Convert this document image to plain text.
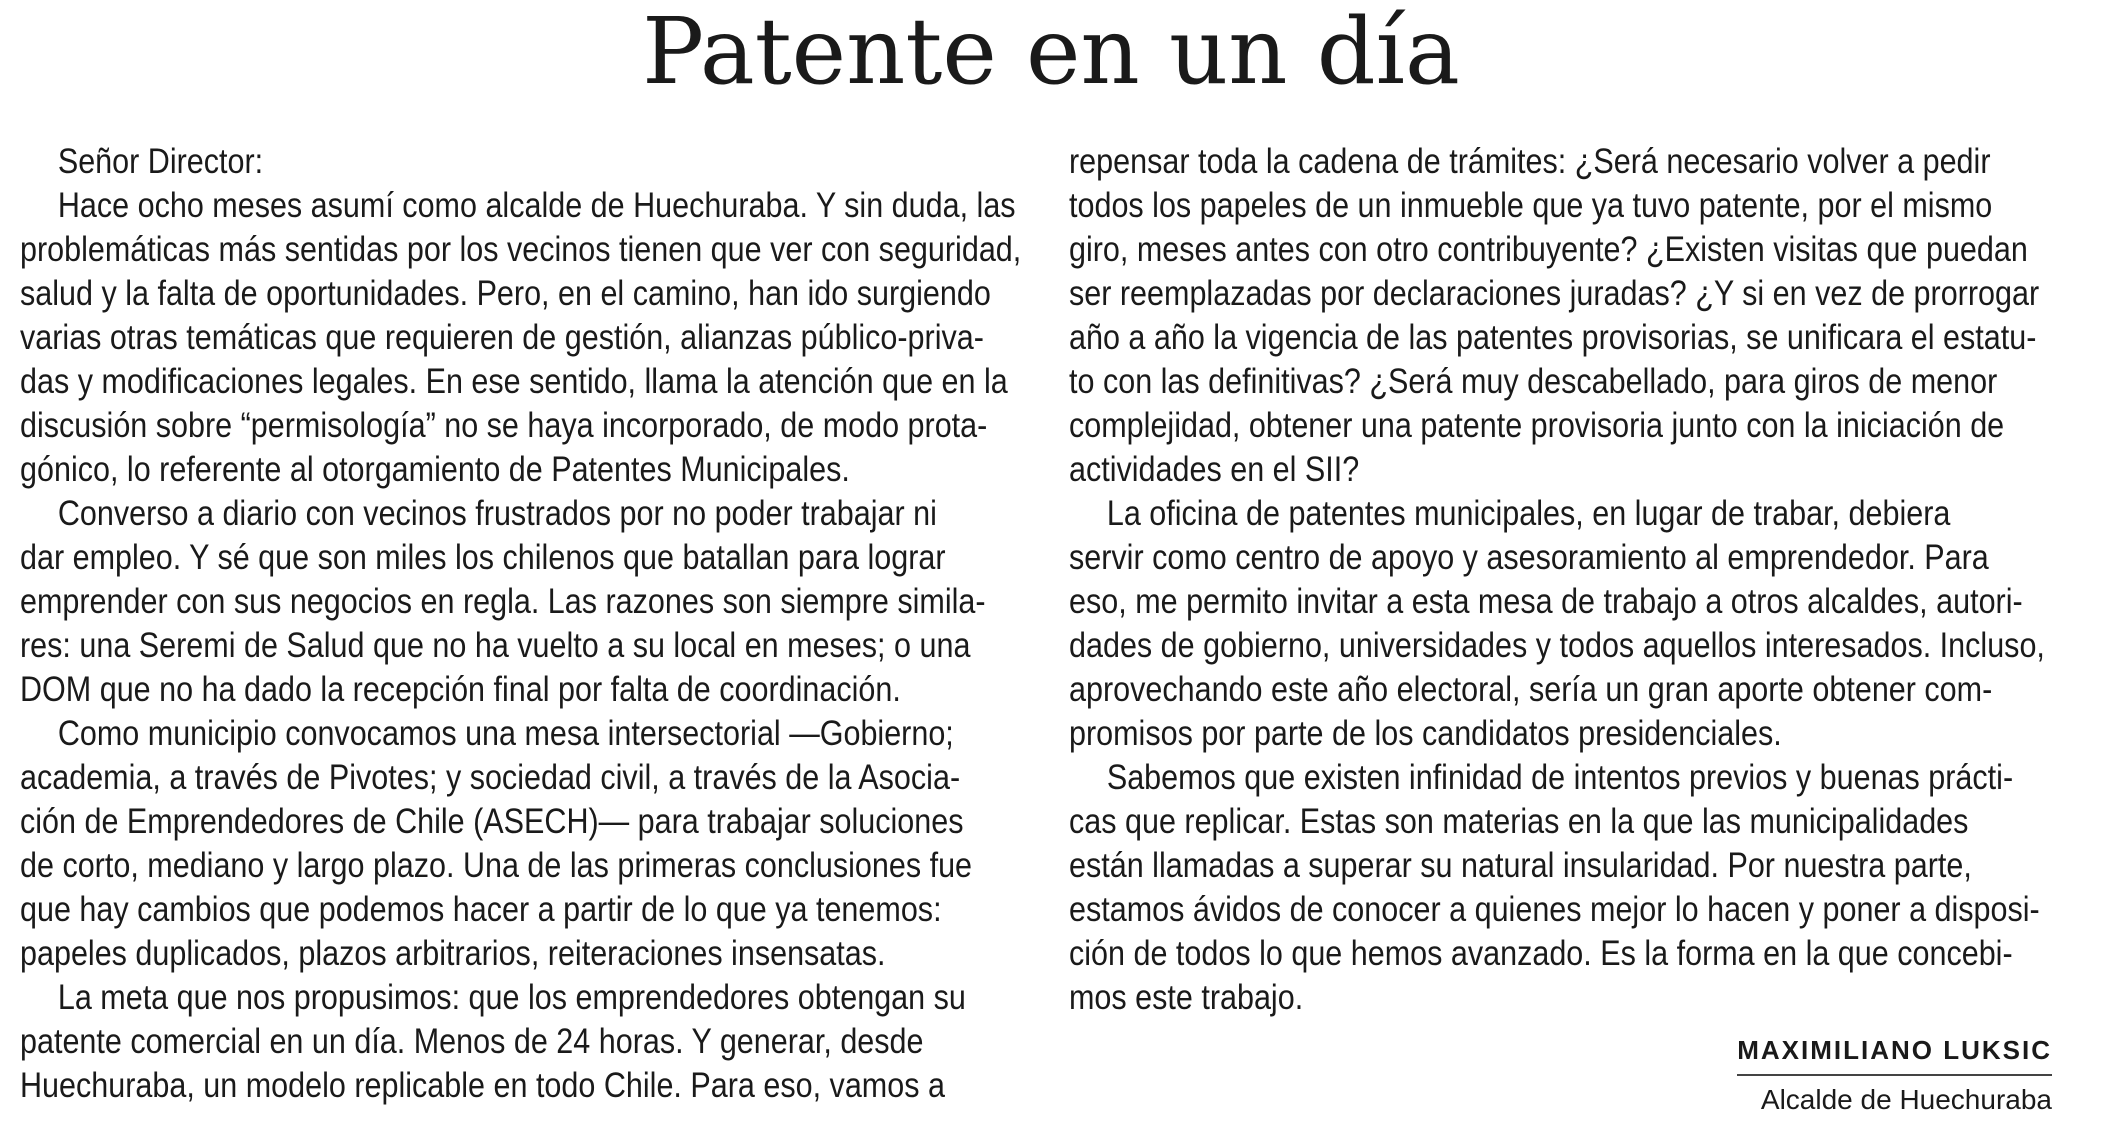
Patente en un día
Señor Director:
Hace ocho meses asumí como alcalde de Huechuraba. Y sin duda, las
problemáticas más sentidas por los vecinos tienen que ver con seguridad,
salud y la falta de oportunidades. Pero, en el camino, han ido surgiendo
varias otras temáticas que requieren de gestión, alianzas público-priva-
das y modificaciones legales. En ese sentido, llama la atención que en la
discusión sobre “permisología” no se haya incorporado, de modo prota-
gónico, lo referente al otorgamiento de Patentes Municipales.
Converso a diario con vecinos frustrados por no poder trabajar ni
dar empleo. Y sé que son miles los chilenos que batallan para lograr
emprender con sus negocios en regla. Las razones son siempre simila-
res: una Seremi de Salud que no ha vuelto a su local en meses; o una
DOM que no ha dado la recepción final por falta de coordinación.
Como municipio convocamos una mesa intersectorial —Gobierno;
academia, a través de Pivotes; y sociedad civil, a través de la Asocia-
ción de Emprendedores de Chile (ASECH)— para trabajar soluciones
de corto, mediano y largo plazo. Una de las primeras conclusiones fue
que hay cambios que podemos hacer a partir de lo que ya tenemos:
papeles duplicados, plazos arbitrarios, reiteraciones insensatas.
La meta que nos propusimos: que los emprendedores obtengan su
patente comercial en un día. Menos de 24 horas. Y generar, desde
Huechuraba, un modelo replicable en todo Chile. Para eso, vamos a
repensar toda la cadena de trámites: ¿Será necesario volver a pedir
todos los papeles de un inmueble que ya tuvo patente, por el mismo
giro, meses antes con otro contribuyente? ¿Existen visitas que puedan
ser reemplazadas por declaraciones juradas? ¿Y si en vez de prorrogar
año a año la vigencia de las patentes provisorias, se unificara el estatu-
to con las definitivas? ¿Será muy descabellado, para giros de menor
complejidad, obtener una patente provisoria junto con la iniciación de
actividades en el SII?
La oficina de patentes municipales, en lugar de trabar, debiera
servir como centro de apoyo y asesoramiento al emprendedor. Para
eso, me permito invitar a esta mesa de trabajo a otros alcaldes, autori-
dades de gobierno, universidades y todos aquellos interesados. Incluso,
aprovechando este año electoral, sería un gran aporte obtener com-
promisos por parte de los candidatos presidenciales.
Sabemos que existen infinidad de intentos previos y buenas prácti-
cas que replicar. Estas son materias en la que las municipalidades
están llamadas a superar su natural insularidad. Por nuestra parte,
estamos ávidos de conocer a quienes mejor lo hacen y poner a disposi-
ción de todos lo que hemos avanzado. Es la forma en la que concebi-
mos este trabajo.
MAXIMILIANO LUKSIC
Alcalde de Huechuraba
